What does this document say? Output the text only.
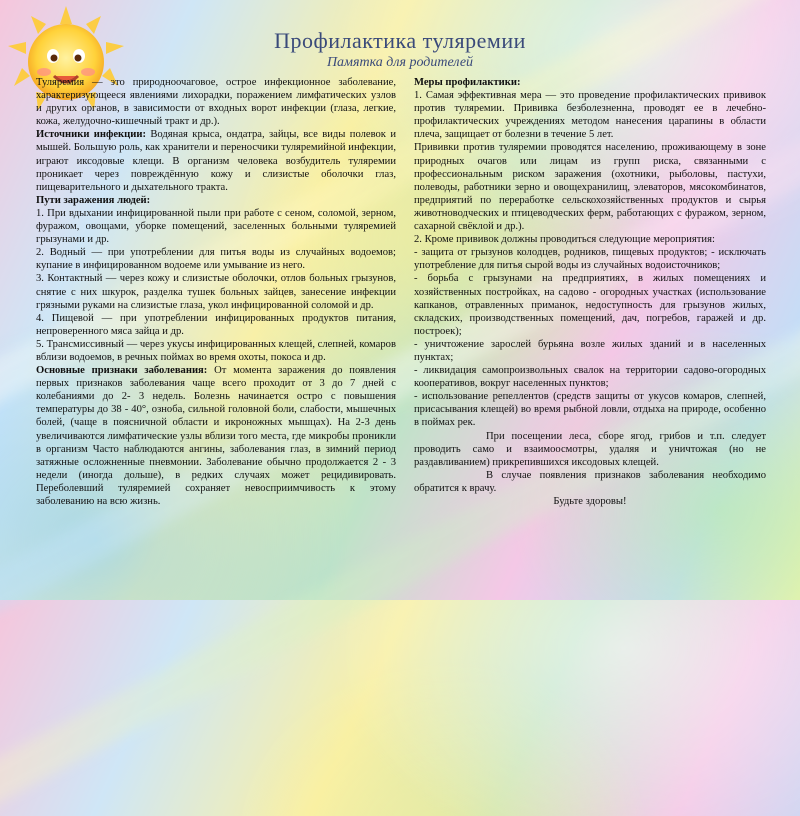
Профилактика туляремии
Памятка для родителей

Туляремия — это природноочаговое, острое инфекционное заболевание, характеризующееся явлениями лихорадки, поражением лимфатических узлов и других органов, в зависимости от входных ворот инфекции (глаза, легкие, кожа, желудочно-кишечный тракт и др.).

Источники инфекции: Водяная крыса, ондатра, зайцы, все виды полевок и мышей. Большую роль, как хранители и переносчики туляремийной инфекции, играют иксодовые клещи. В организм человека возбудитель туляремии проникает через повреждённую кожу и слизистые оболочки глаз, пищеварительного и дыхательного тракта.

Пути заражения людей:

1. При вдыхании инфицированной пыли при работе с сеном, соломой, зерном, фуражом, овощами, уборке помещений, заселенных больными туляремией грызунами и др.

2. Водный — при употреблении для питья воды из случайных водоемов; купание в инфицированном водоеме или умывание из него.

3. Контактный — через кожу и слизистые оболочки, отлов больных грызунов, снятие с них шкурок, разделка тушек больных зайцев, занесение инфекции грязными руками на слизистые глаза, укол инфицированной соломой и др.

4. Пищевой — при употреблении инфицированных продуктов питания, непроверенного мяса зайца и др.

5. Трансмиссивный — через укусы инфицированных клещей, слепней, комаров вблизи водоемов, в речных поймах во время охоты, покоса и др.

Основные признаки заболевания: От момента заражения до появления первых признаков заболевания чаще всего проходит от 3 до 7 дней с колебаниями до 2- 3 недель. Болезнь начинается остро с повышения температуры до 38 - 40°, озноба, сильной головной боли, слабости, мышечных болей, (чаще в поясничной области и икроножных мышцах). На 2-3 день увеличиваются лимфатические узлы вблизи того места, где микробы проникли в организм Часто наблюдаются ангины, заболевания глаз, в зимний период затяжные осложненные пневмонии. Заболевание обычно продолжается 2 - 3 недели (иногда дольше), в редких случаях может рецидивировать. Переболевший туляремией сохраняет невосприимчивость к этому заболеванию на всю жизнь.

Меры профилактики:

1. Самая эффективная мера — это проведение профилактических прививок против туляремии. Прививка безболезненна, проводят ее в лечебно-профилактических учреждениях методом нанесения царапины в области плеча, защищает от болезни в течение 5 лет.

Прививки против туляремии проводятся населению, проживающему в зоне природных очагов или лицам из групп риска, связанными с профессиональным риском заражения (охотники, рыболовы, пастухи, полеводы, работники зерно и овощехранилищ, элеваторов, мясокомбинатов, предприятий по переработке сельскохозяйственных продуктов и сырья животноводческих и птицеводческих ферм, работающих с фуражом, зерном, сахарной свёклой и др.).

2. Кроме прививок должны проводиться следующие мероприятия:

- защита от грызунов колодцев, родников, пищевых продуктов; - исключать употребление для питья сырой воды из случайных водоисточников;

- борьба с грызунами на предприятиях, в жилых помещениях и хозяйственных постройках, на садово - огородных участках (использование капканов, отравленных приманок, недоступность для грызунов жилых, складских, производственных помещений, дач, погребов, гаражей и др. построек);

- уничтожение зарослей бурьяна возле жилых зданий и в населенных пунктах;

- ликвидация самопроизвольных свалок на территории садово-огородных кооперативов, вокруг населенных пунктов;

- использование репеллентов (средств защиты от укусов комаров, слепней, присасывания клещей) во время рыбной ловли, отдыха на природе, особенно в поймах рек.

При посещении леса, сборе ягод, грибов и т.п. следует проводить само и взаимоосмотры, удаляя и уничтожая (но не раздавливанием) прикрепившихся иксодовых клещей.

В случае появления признаков заболевания необходимо обратится к врачу.

Будьте здоровы!
